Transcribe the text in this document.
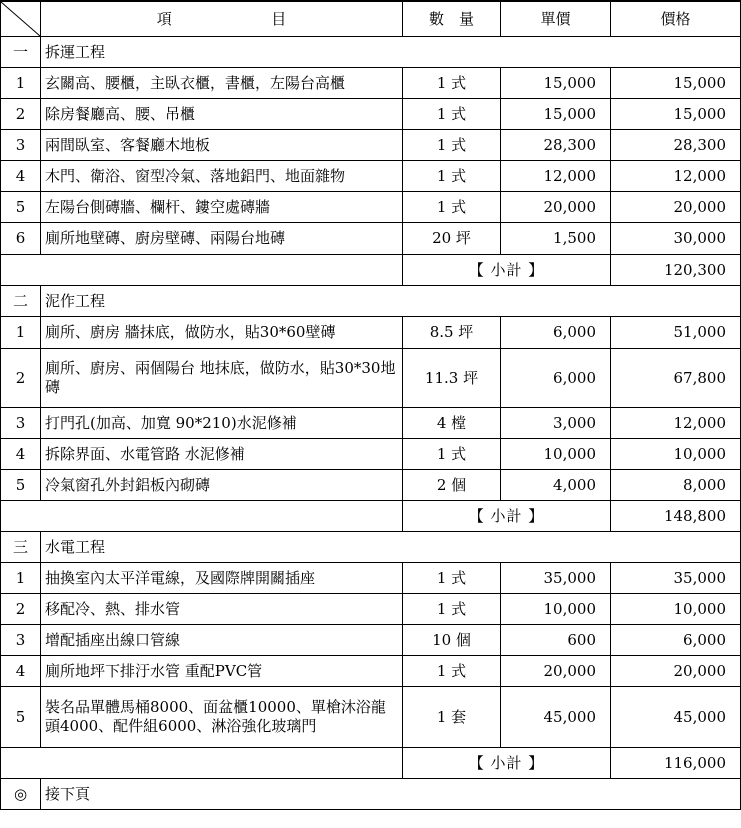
	項 目	數　量	單價	價格
一	拆運工程			
1	玄關高、腰櫃，主臥衣櫃，書櫃，左陽台高櫃	1 式	15,000	15,000
2	除房餐廳高、腰、吊櫃	1 式	15,000	15,000
3	兩間臥室、客餐廳木地板	1 式	28,300	28,300
4	木門、衛浴、窗型冷氣、落地鋁門、地面雜物	1 式	12,000	12,000
5	左陽台側磚牆、欄杆、鏤空處磚牆	1 式	20,000	20,000
6	廁所地壁磚、廚房壁磚、兩陽台地磚	20 坪	1,500	30,000
		【 小計 】		120,300
二	泥作工程			
1	廁所、廚房 牆抹底，做防水，貼30*60壁磚	8.5 坪	6,000	51,000
2	廁所、廚房、兩個陽台 地抹底，做防水，貼30*30地磚	11.3 坪	6,000	67,800
3	打門孔(加高、加寬 90*210)水泥修補	4 樘	3,000	12,000
4	拆除界面、水電管路 水泥修補	1 式	10,000	10,000
5	冷氣窗孔外封鋁板內砌磚	2 個	4,000	8,000
		【 小計 】		148,800
三	水電工程			
1	抽換室內太平洋電線，及國際牌開關插座	1 式	35,000	35,000
2	移配冷、熱、排水管	1 式	10,000	10,000
3	增配插座出線口管線	10 個	600	6,000
4	廁所地坪下排汙水管 重配PVC管	1 式	20,000	20,000
5	裝名品單體馬桶8000、面盆櫃10000、單槍沐浴龍頭4000、配件組6000、淋浴強化玻璃門	1 套	45,000	45,000
		【 小計 】		116,000
◎	接下頁			
